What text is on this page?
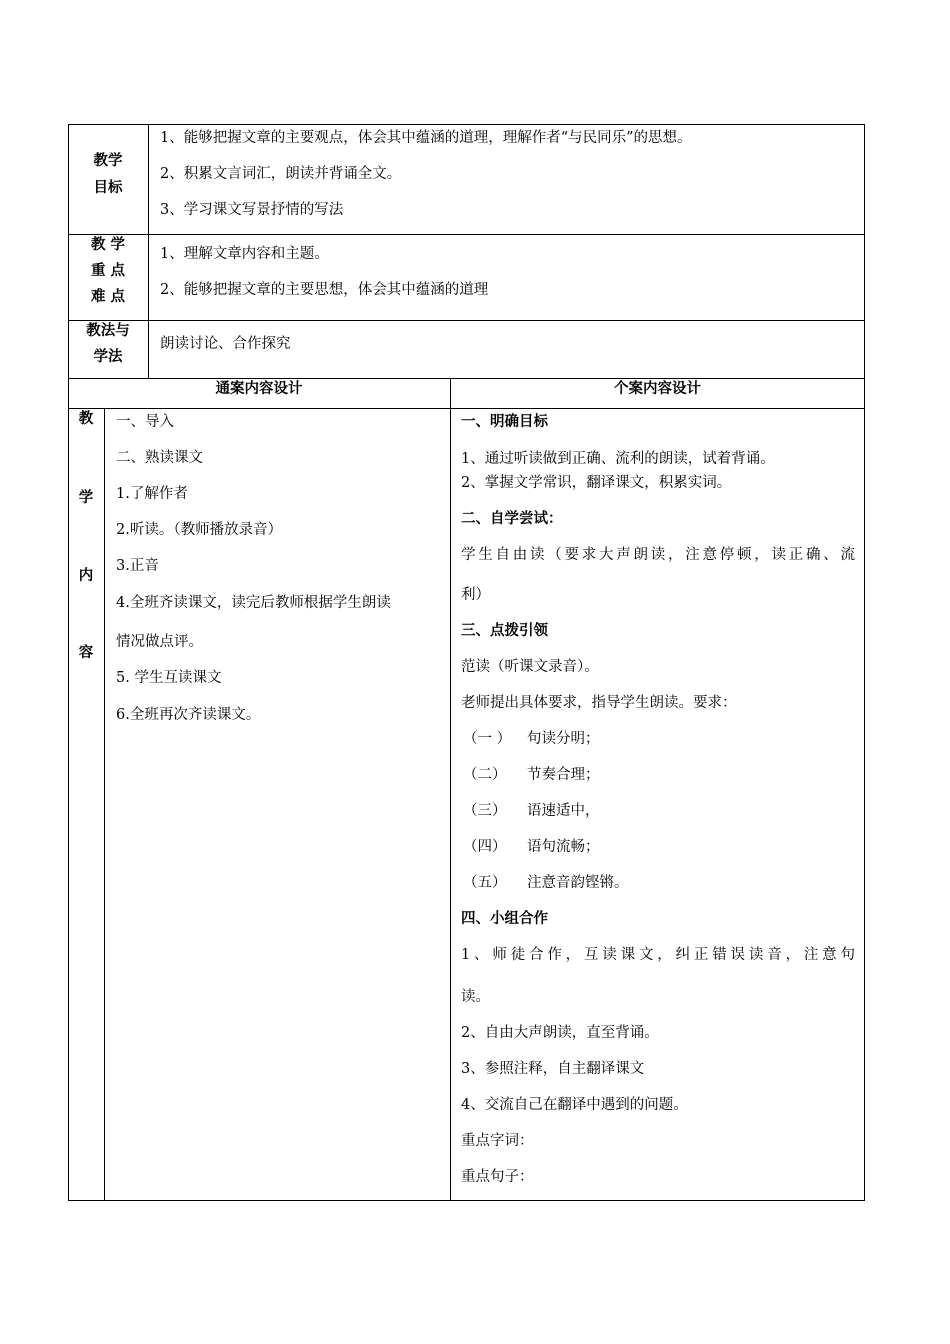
教学
目标
1、能够把握文章的主要观点，体会其中蕴涵的道理，理解作者“与民同乐”的思想。
2、积累文言词汇，朗读并背诵全文。
3、学习课文写景抒情的写法
教 学
重 点
难 点
1、理解文章内容和主题。
2、能够把握文章的主要思想，体会其中蕴涵的道理
教法与
学法
朗读讨论、合作探究
通案内容设计	个案内容设计
教
学
内
容
一、导入
二、熟读课文
1.了解作者
2.听读。（教师播放录音）
3.正音
4.全班齐读课文，读完后教师根据学生朗读
情况做点评。
5. 学生互读课文
6.全班再次齐读课文。
一、明确目标
1、通过听读做到正确、流利的朗读，试着背诵。
2、掌握文学常识，翻译课文，积累实词。
二、自学尝试：
学生自由读（要求大声朗读，注意停顿，读正确、流
利）
三、点拨引领
范读（听课文录音）。
老师提出具体要求，指导学生朗读。要求：
（一 ） 句读分明；
（二） 节奏合理；
（三） 语速适中，
（四） 语句流畅；
（五） 注意音韵铿锵。
四、小组合作
1、师徒合作，互读课文，纠正错误读音，注意句
读。
2、自由大声朗读，直至背诵。
3、参照注释，自主翻译课文
4、交流自己在翻译中遇到的问题。
重点字词：
重点句子：
